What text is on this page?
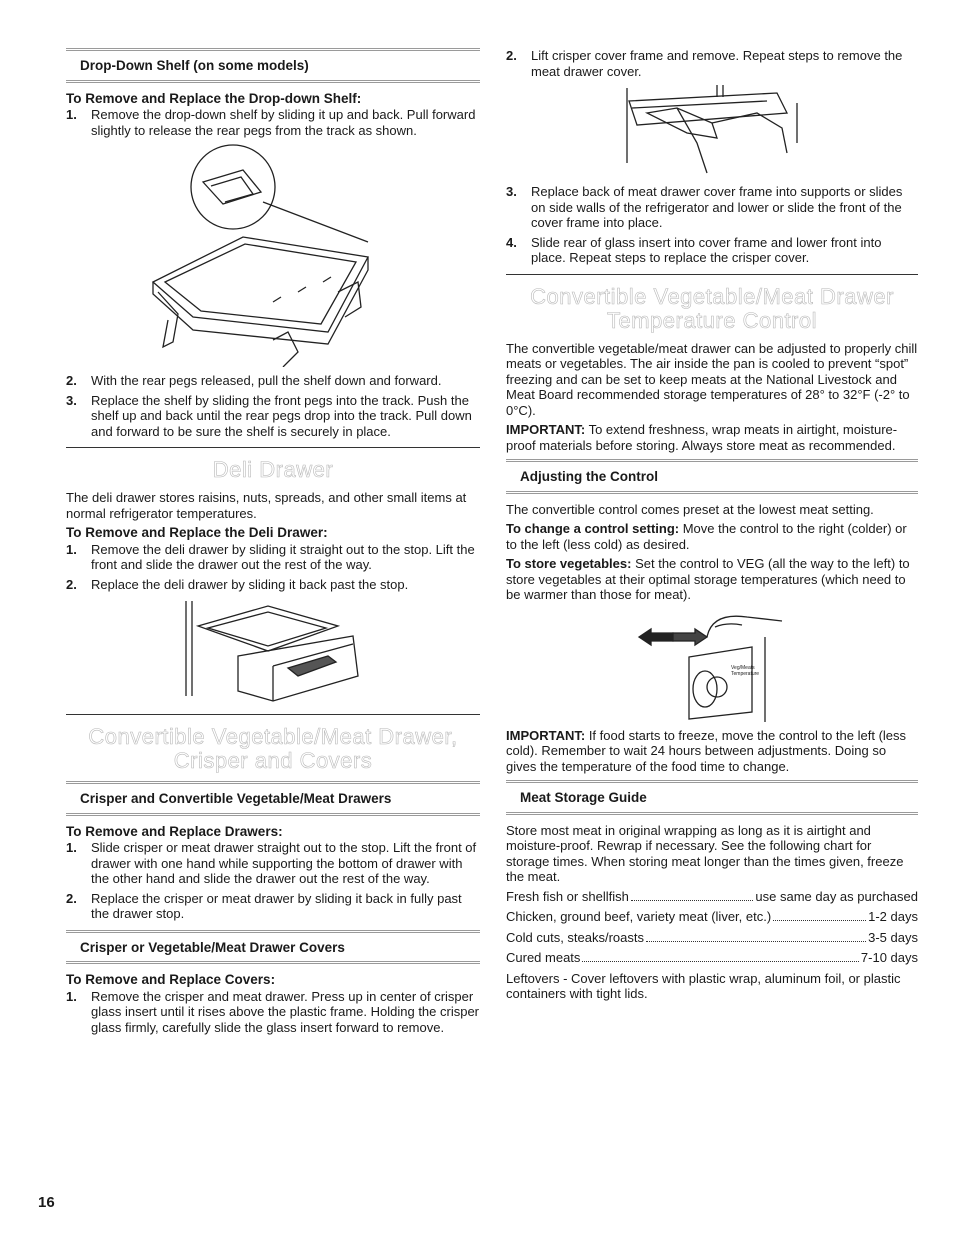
Drop-Down Shelf (on some models)
To Remove and Replace the Drop-down Shelf:
1.	Remove the drop-down shelf by sliding it up and back. Pull forward slightly to release the rear pegs from the track as shown.
2.	With the rear pegs released, pull the shelf down and forward.
3.	Replace the shelf by sliding the front pegs into the track. Push the shelf up and back until the rear pegs drop into the track. Pull down and forward to be sure the shelf is securely in place.
Deli Drawer

The deli drawer stores raisins, nuts, spreads, and other small items at normal refrigerator temperatures.

To Remove and Replace the Deli Drawer:
1.	Remove the deli drawer by sliding it straight out to the stop. Lift the front and slide the drawer out the rest of the way.
2.	Replace the deli drawer by sliding it back past the stop.
Convertible Vegetable/Meat Drawer,
Crisper and Covers
Crisper and Convertible Vegetable/Meat Drawers
To Remove and Replace Drawers:
1.	Slide crisper or meat drawer straight out to the stop. Lift the front of drawer with one hand while supporting the bottom of drawer with the other hand and slide the drawer out the rest of the way.
2.	Replace the crisper or meat drawer by sliding it back in fully past the drawer stop.
Crisper or Vegetable/Meat Drawer Covers
To Remove and Replace Covers:
1.	Remove the crisper and meat drawer. Press up in center of crisper glass insert until it rises above the plastic frame. Holding the crisper glass firmly, carefully slide the glass insert forward to remove.
2.	Lift crisper cover frame and remove. Repeat steps to remove the meat drawer cover.
3.	Replace back of meat drawer cover frame into supports or slides on side walls of the refrigerator and lower or slide the front of the cover frame into place.
4.	Slide rear of glass insert into cover frame and lower front into place. Repeat steps to replace the crisper cover.
Convertible Vegetable/Meat Drawer
Temperature Control

The convertible vegetable/meat drawer can be adjusted to properly chill meats or vegetables. The air inside the pan is cooled to prevent “spot” freezing and can be set to keep meats at the National Livestock and Meat Board recommended storage temperatures of 28° to 32°F (-2° to 0°C).

IMPORTANT: To extend freshness, wrap meats in airtight, moisture-proof materials before storing. Always store meat as recommended.

Adjusting the Control

The convertible control comes preset at the lowest meat setting.

To change a control setting: Move the control to the right (colder) or to the left (less cold) as desired.

To store vegetables: Set the control to VEG (all the way to the left) to store vegetables at their optimal storage temperatures (which need to be warmer than those for meat).

Veg/Meats
Temperature

IMPORTANT: If food starts to freeze, move the control to the left (less cold). Remember to wait 24 hours between adjustments. Doing so gives the temperature of the food time to change.

Meat Storage Guide

Store most meat in original wrapping as long as it is airtight and moisture-proof. Rewrap if necessary. See the following chart for storage times. When storing meat longer than the times given, freeze the meat.

Fresh fish or shellfish	use same day as purchased
Chicken, ground beef, variety meat (liver, etc.)	1-2 days
Cold cuts, steaks/roasts	3-5 days
Cured meats	7-10 days

Leftovers - Cover leftovers with plastic wrap, aluminum foil, or plastic containers with tight lids.

16
